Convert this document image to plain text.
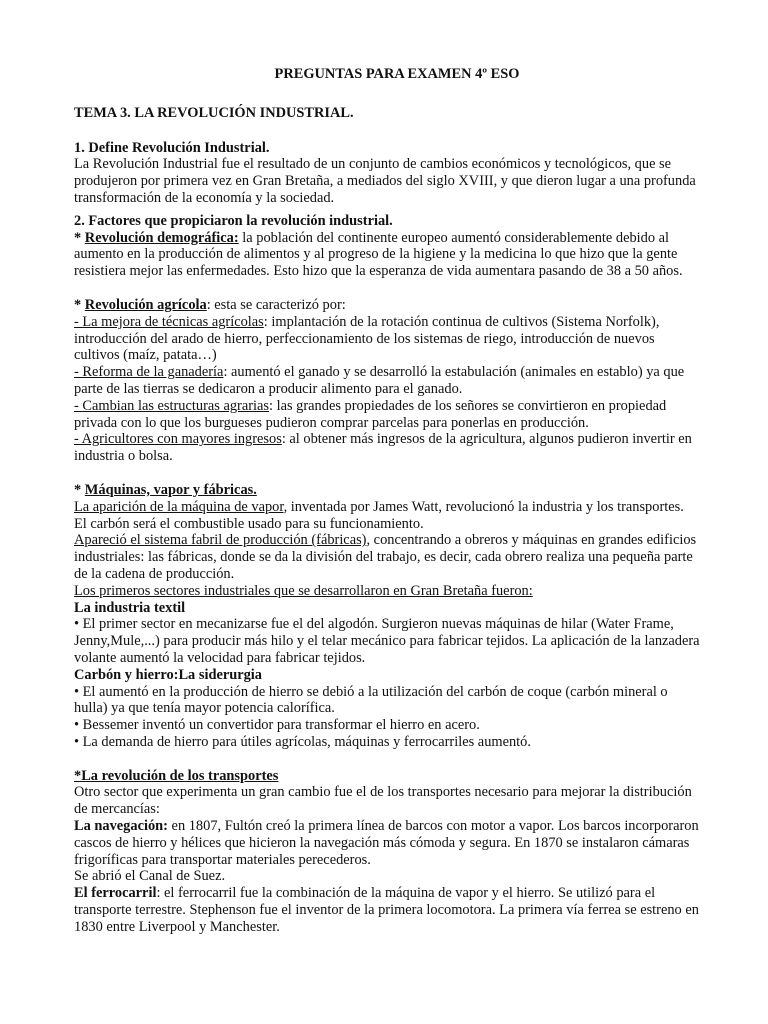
PREGUNTAS PARA EXAMEN 4º ESO
TEMA 3. LA REVOLUCIÓN INDUSTRIAL.
1. Define Revolución Industrial.

La Revolución Industrial fue el resultado de un conjunto de cambios económicos y tecnológicos, que se produjeron por primera vez en Gran Bretaña, a mediados del siglo XVIII, y que dieron lugar a una profunda transformación de la economía y la sociedad.

2. Factores que propiciaron la revolución industrial.

* Revolución demográfica: la población del continente europeo aumentó considerablemente debido al aumento en la producción de alimentos y al progreso de la higiene y la medicina lo que hizo que la gente resistiera mejor las enfermedades. Esto hizo que la esperanza de vida aumentara pasando de 38 a 50 años.

* Revolución agrícola: esta se caracterizó por:

- La mejora de técnicas agrícolas: implantación de la rotación continua de cultivos (Sistema Norfolk), introducción del arado de hierro, perfeccionamiento de los sistemas de riego, introducción de nuevos cultivos (maíz, patata…)

- Reforma de la ganadería: aumentó el ganado y se desarrolló la estabulación (animales en establo) ya que parte de las tierras se dedicaron a producir alimento para el ganado.

- Cambian las estructuras agrarias: las grandes propiedades de los señores se convirtieron en propiedad privada con lo que los burgueses pudieron comprar parcelas para ponerlas en producción.

- Agricultores con mayores ingresos: al obtener más ingresos de la agricultura, algunos pudieron invertir en industria o bolsa.

* Máquinas, vapor y fábricas.

La aparición de la máquina de vapor, inventada por James Watt, revolucionó la industria y los transportes. El carbón será el combustible usado para su funcionamiento.

Apareció el sistema fabril de producción (fábricas), concentrando a obreros y máquinas en grandes edificios industriales: las fábricas, donde se da la división del trabajo, es decir, cada obrero realiza una pequeña parte de la cadena de producción.

Los primeros sectores industriales que se desarrollaron en Gran Bretaña fueron:

La industria textil

• El primer sector en mecanizarse fue el del algodón. Surgieron nuevas máquinas de hilar (Water Frame, Jenny,Mule,...) para producir más hilo y el telar mecánico para fabricar tejidos. La aplicación de la lanzadera volante aumentó la velocidad para fabricar tejidos.

Carbón y hierro:La siderurgia

• El aumentó en la producción de hierro se debió a la utilización del carbón de coque (carbón mineral o hulla) ya que tenía mayor potencia calorífica.

• Bessemer inventó un convertidor para transformar el hierro en acero.

• La demanda de hierro para útiles agrícolas, máquinas y ferrocarriles aumentó.

*La revolución de los transportes

Otro sector que experimenta un gran cambio fue el de los transportes necesario para mejorar la distribución de mercancías:

La navegación: en 1807, Fultón creó la primera línea de barcos con motor a vapor. Los barcos incorporaron cascos de hierro y hélices que hicieron la navegación más cómoda y segura. En 1870 se instalaron cámaras frigoríficas para transportar materiales perecederos.

Se abrió el Canal de Suez.

El ferrocarril: el ferrocarril fue la combinación de la máquina de vapor y el hierro. Se utilizó para el transporte terrestre. Stephenson fue el inventor de la primera locomotora. La primera vía ferrea se estreno en 1830 entre Liverpool y Manchester.
